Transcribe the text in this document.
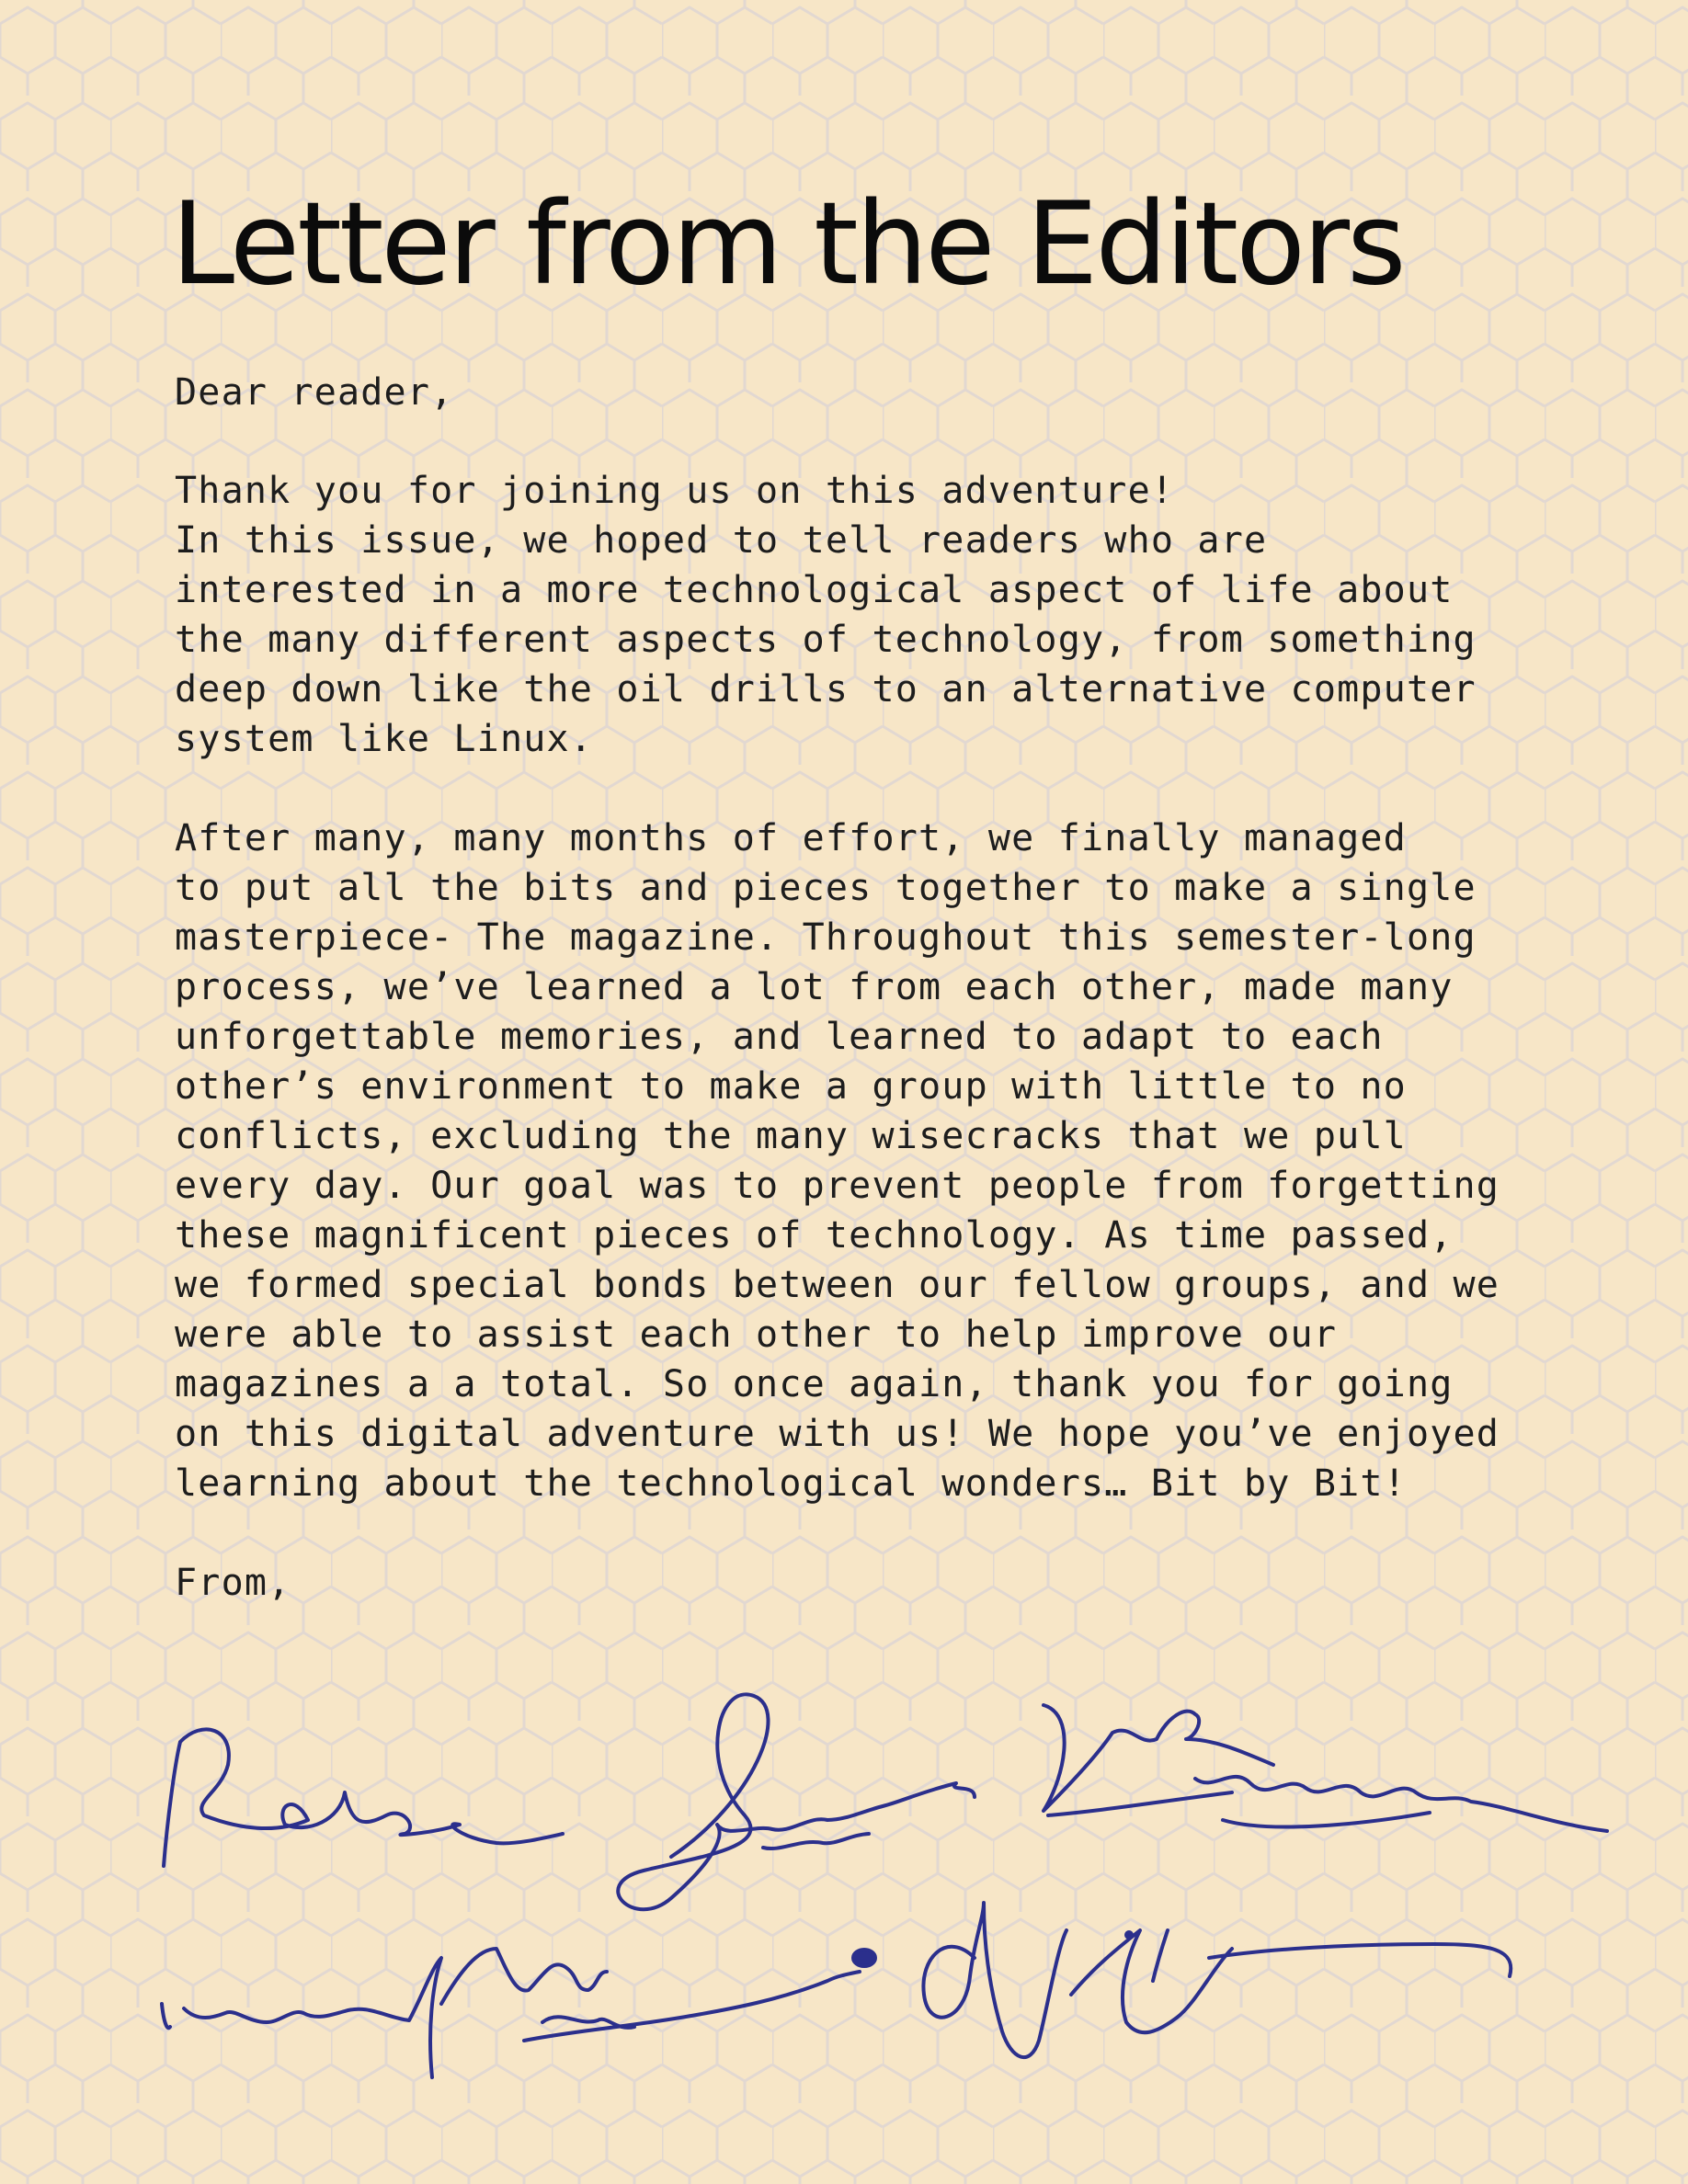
Letter from the Editors

Dear reader,

Thank you for joining us on this adventure!
In this issue, we hoped to tell readers who are
interested in a more technological aspect of life about
the many different aspects of technology, from something
deep down like the oil drills to an alternative computer
system like Linux.

After many, many months of effort, we finally managed
to put all the bits and pieces together to make a single
masterpiece- The magazine. Throughout this semester-long
process, we’ve learned a lot from each other, made many
unforgettable memories, and learned to adapt to each
other’s environment to make a group with little to no
conflicts, excluding the many wisecracks that we pull
every day. Our goal was to prevent people from forgetting
these magnificent pieces of technology. As time passed,
we formed special bonds between our fellow groups, and we
were able to assist each other to help improve our
magazines a a total. So once again, thank you for going
on this digital adventure with us! We hope you’ve enjoyed
learning about the technological wonders… Bit by Bit!

From,
